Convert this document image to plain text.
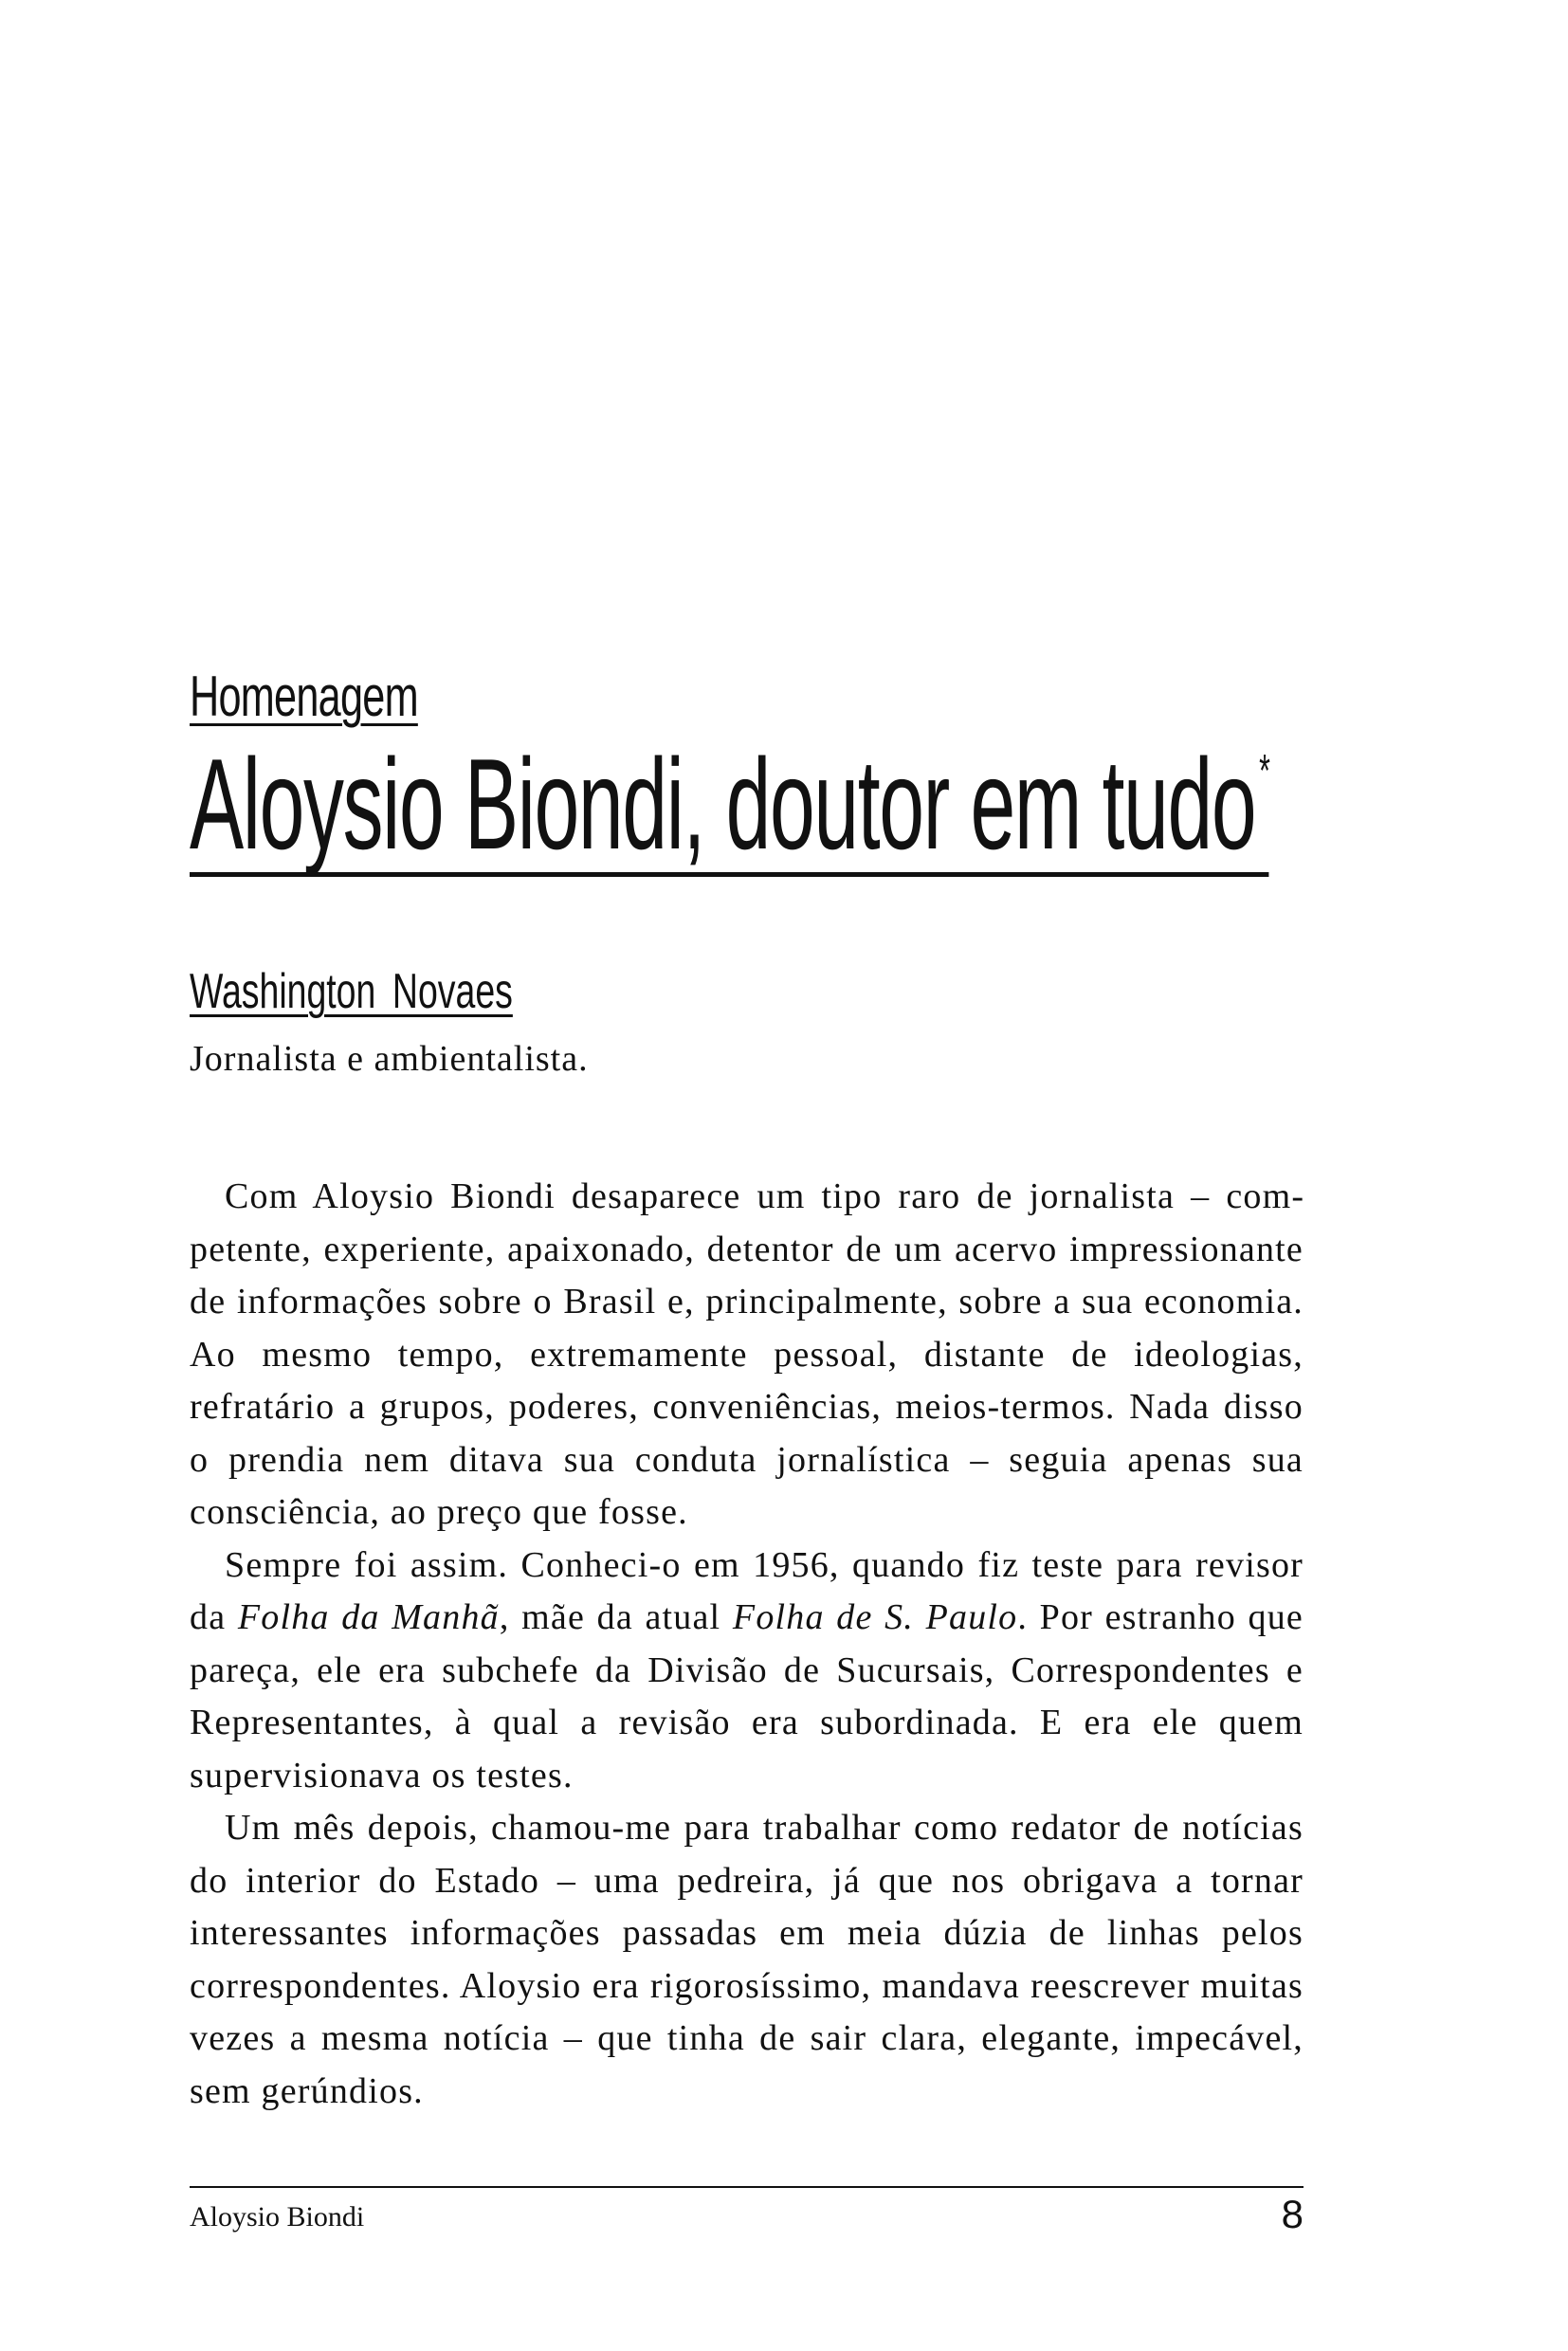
Homenagem
Aloysio Biondi, doutor em tudo*
Washington Novaes
Jornalista e ambientalista.

Com Aloysio Biondi desaparece um tipo raro de jornalista – competente, experiente, apaixonado, detentor de um acervo impressionante de informações sobre o Brasil e, principalmente, sobre a sua economia. Ao mesmo tempo, extremamente pessoal, distante de ideologias, refratário a grupos, poderes, conveniências, meios-termos. Nada disso o prendia nem ditava sua conduta jornalística – seguia apenas sua consciência, ao preço que fosse.

Sempre foi assim. Conheci-o em 1956, quando fiz teste para revisor da Folha da Manhã, mãe da atual Folha de S. Paulo. Por estranho que pareça, ele era subchefe da Divisão de Sucursais, Correspondentes e Representantes, à qual a revisão era subordinada. E era ele quem supervisionava os testes.

Um mês depois, chamou-me para trabalhar como redator de notícias do interior do Estado – uma pedreira, já que nos obrigava a tornar interessantes informações passadas em meia dúzia de linhas pelos correspondentes. Aloysio era rigorosíssimo, mandava reescrever muitas vezes a mesma notícia – que tinha de sair clara, elegante, impecável, sem gerúndios.

Aloysio Biondi	8
